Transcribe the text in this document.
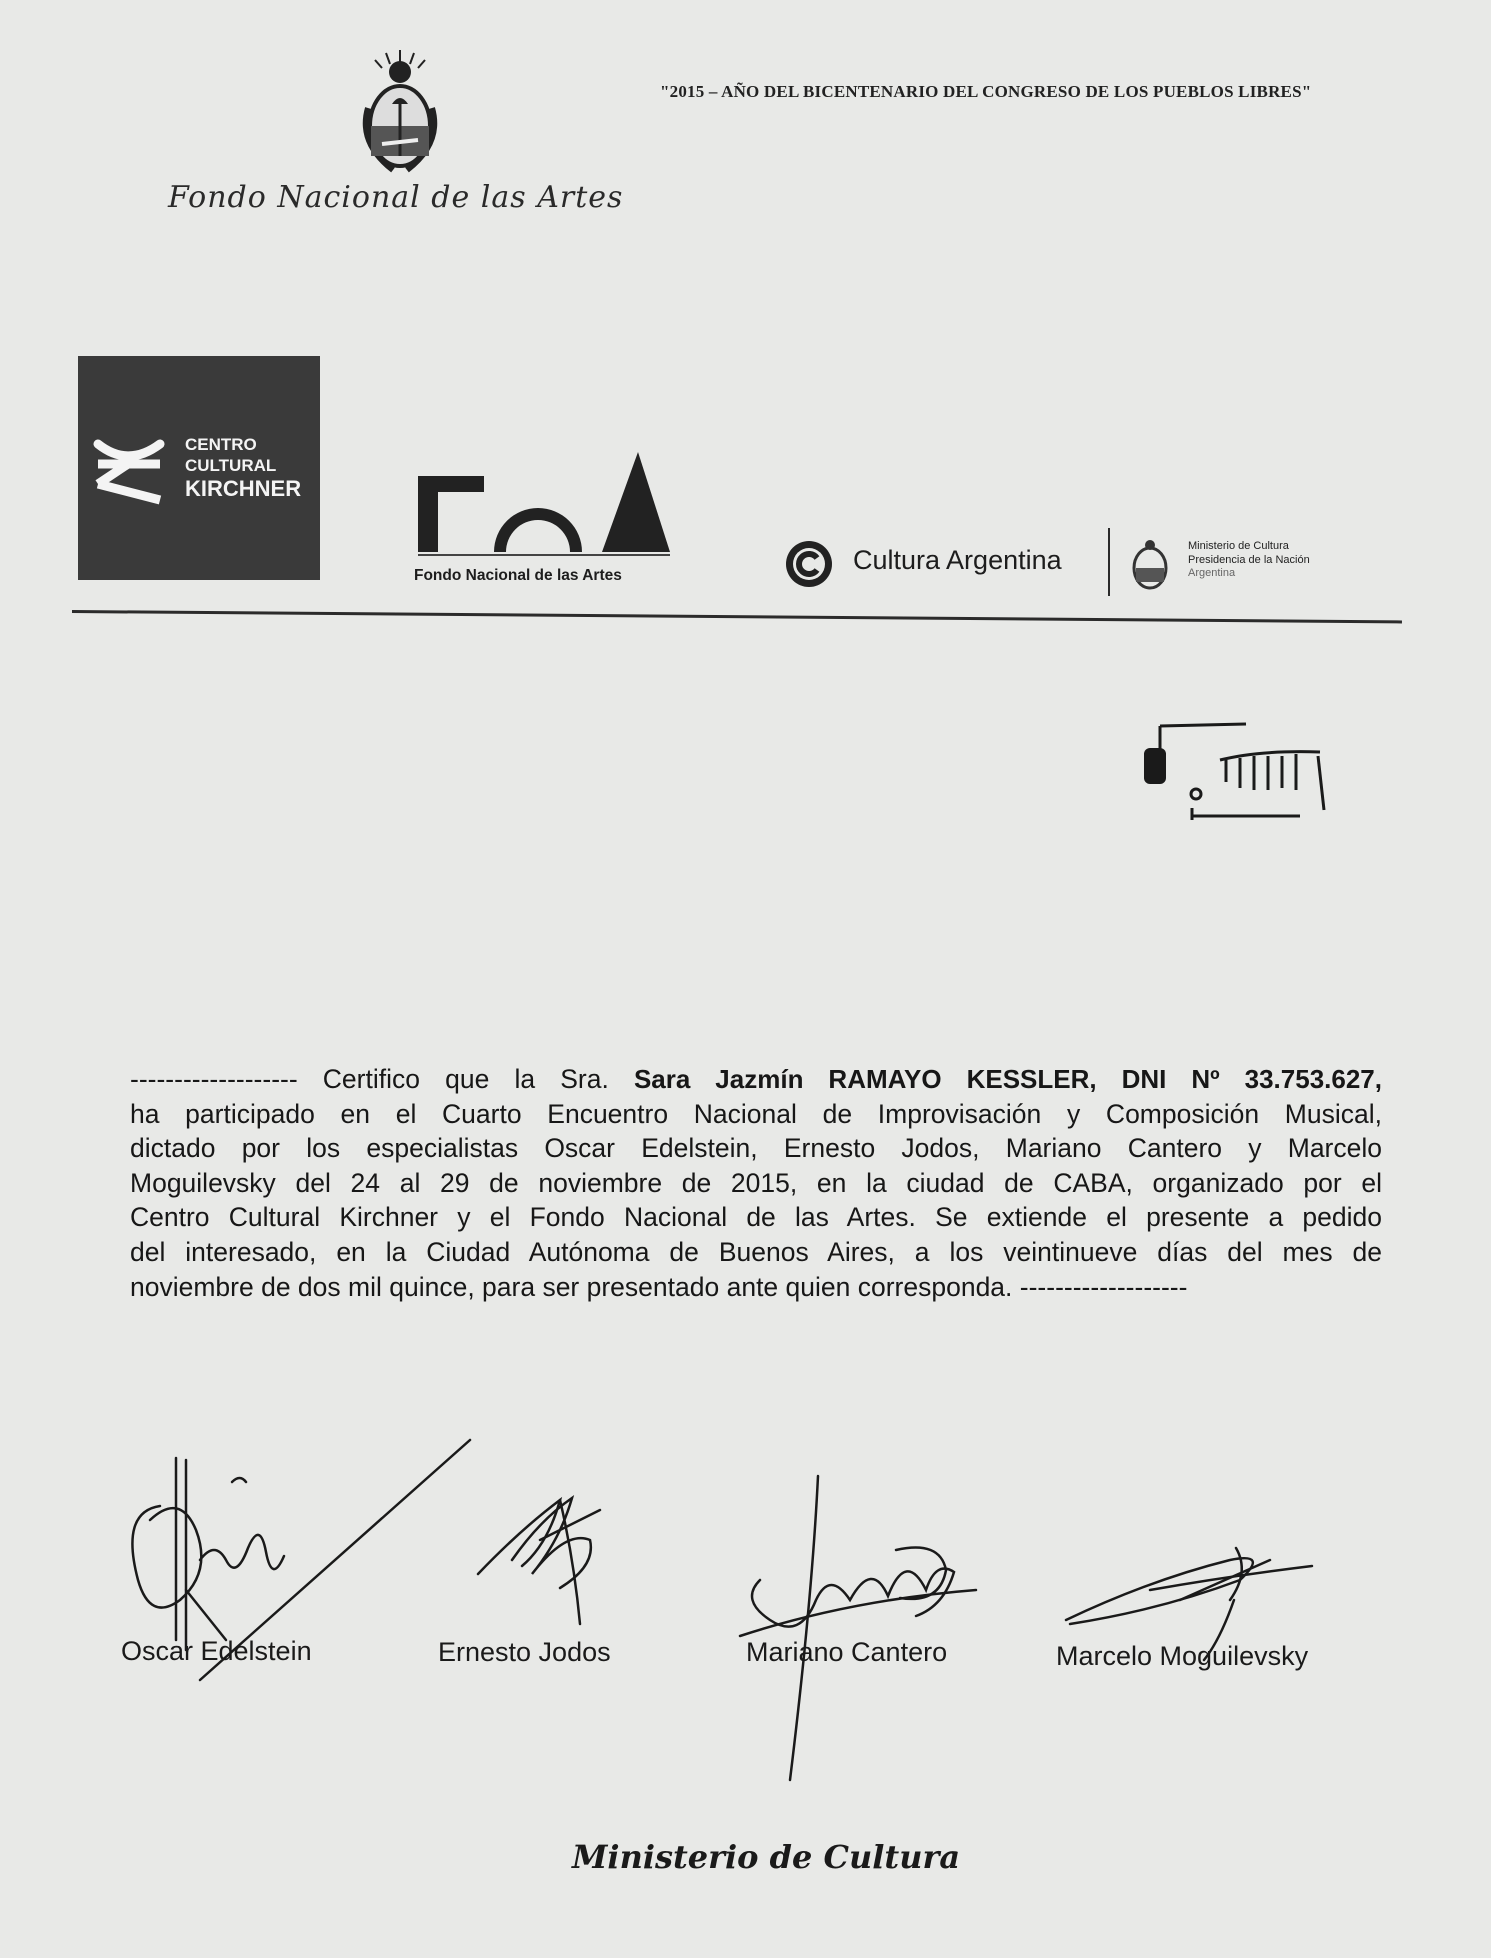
Fondo Nacional de las Artes
"2015 – AÑO DEL BICENTENARIO DEL CONGRESO DE LOS PUEBLOS LIBRES"
CENTRO
CULTURAL
KIRCHNER
Fondo Nacional de las Artes
Cultura Argentina	Ministerio de Cultura
Presidencia de la Nación
Argentina
------------------- Certifico que la Sra. Sara Jazmín RAMAYO KESSLER, DNI Nº 33.753.627,
ha participado en el Cuarto Encuentro Nacional de Improvisación y Composición Musical,
dictado por los especialistas Oscar Edelstein, Ernesto Jodos, Mariano Cantero y Marcelo
Moguilevsky del 24 al 29 de noviembre de 2015, en la ciudad de CABA, organizado por el
Centro Cultural Kirchner y el Fondo Nacional de las Artes. Se extiende el presente a pedido
del interesado, en la Ciudad Autónoma de Buenos Aires, a los veintinueve días del mes de
noviembre de dos mil quince, para ser presentado ante quien corresponda. -------------------
Oscar Edelstein	Ernesto Jodos	Mariano Cantero	Marcelo Moguilevsky
Ministerio de Cultura
